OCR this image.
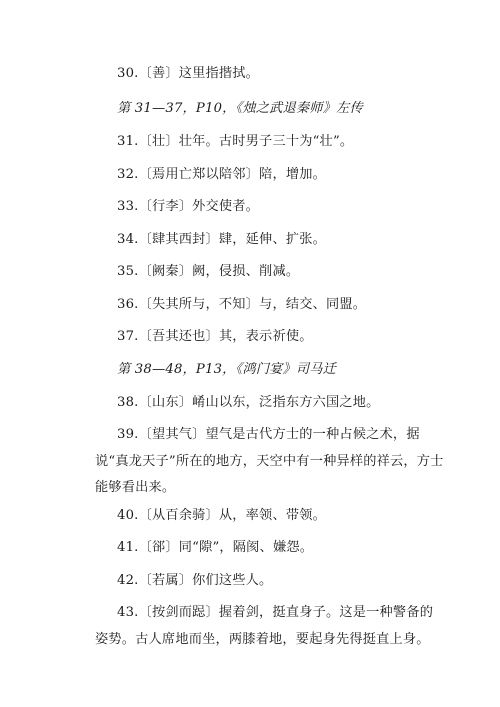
30.〔善〕这里指揩拭。
第 31—37，P10，《烛之武退秦师》左传
31.〔壮〕壮年。古时男子三十为“壮”。
32.〔焉用亡郑以陪邻〕陪，增加。
33.〔行李〕外交使者。
34.〔肆其西封〕肆，延伸、扩张。
35.〔阙秦〕阙，侵损、削减。
36.〔失其所与，不知〕与，结交、同盟。
37.〔吾其还也〕其，表示祈使。
第 38—48，P13，《鸿门宴》司马迁
38.〔山东〕崤山以东，泛指东方六国之地。
39.〔望其气〕望气是古代方士的一种占候之术，据说“真龙天子”所在的地方，天空中有一种异样的祥云，方士能够看出来。
40.〔从百余骑〕从，率领、带领。
41.〔郤〕同“隙”，隔阂、嫌怨。
42.〔若属〕你们这些人。
43.〔按剑而跽〕握着剑，挺直身子。这是一种警备的姿势。古人席地而坐，两膝着地，要起身先得挺直上身。
